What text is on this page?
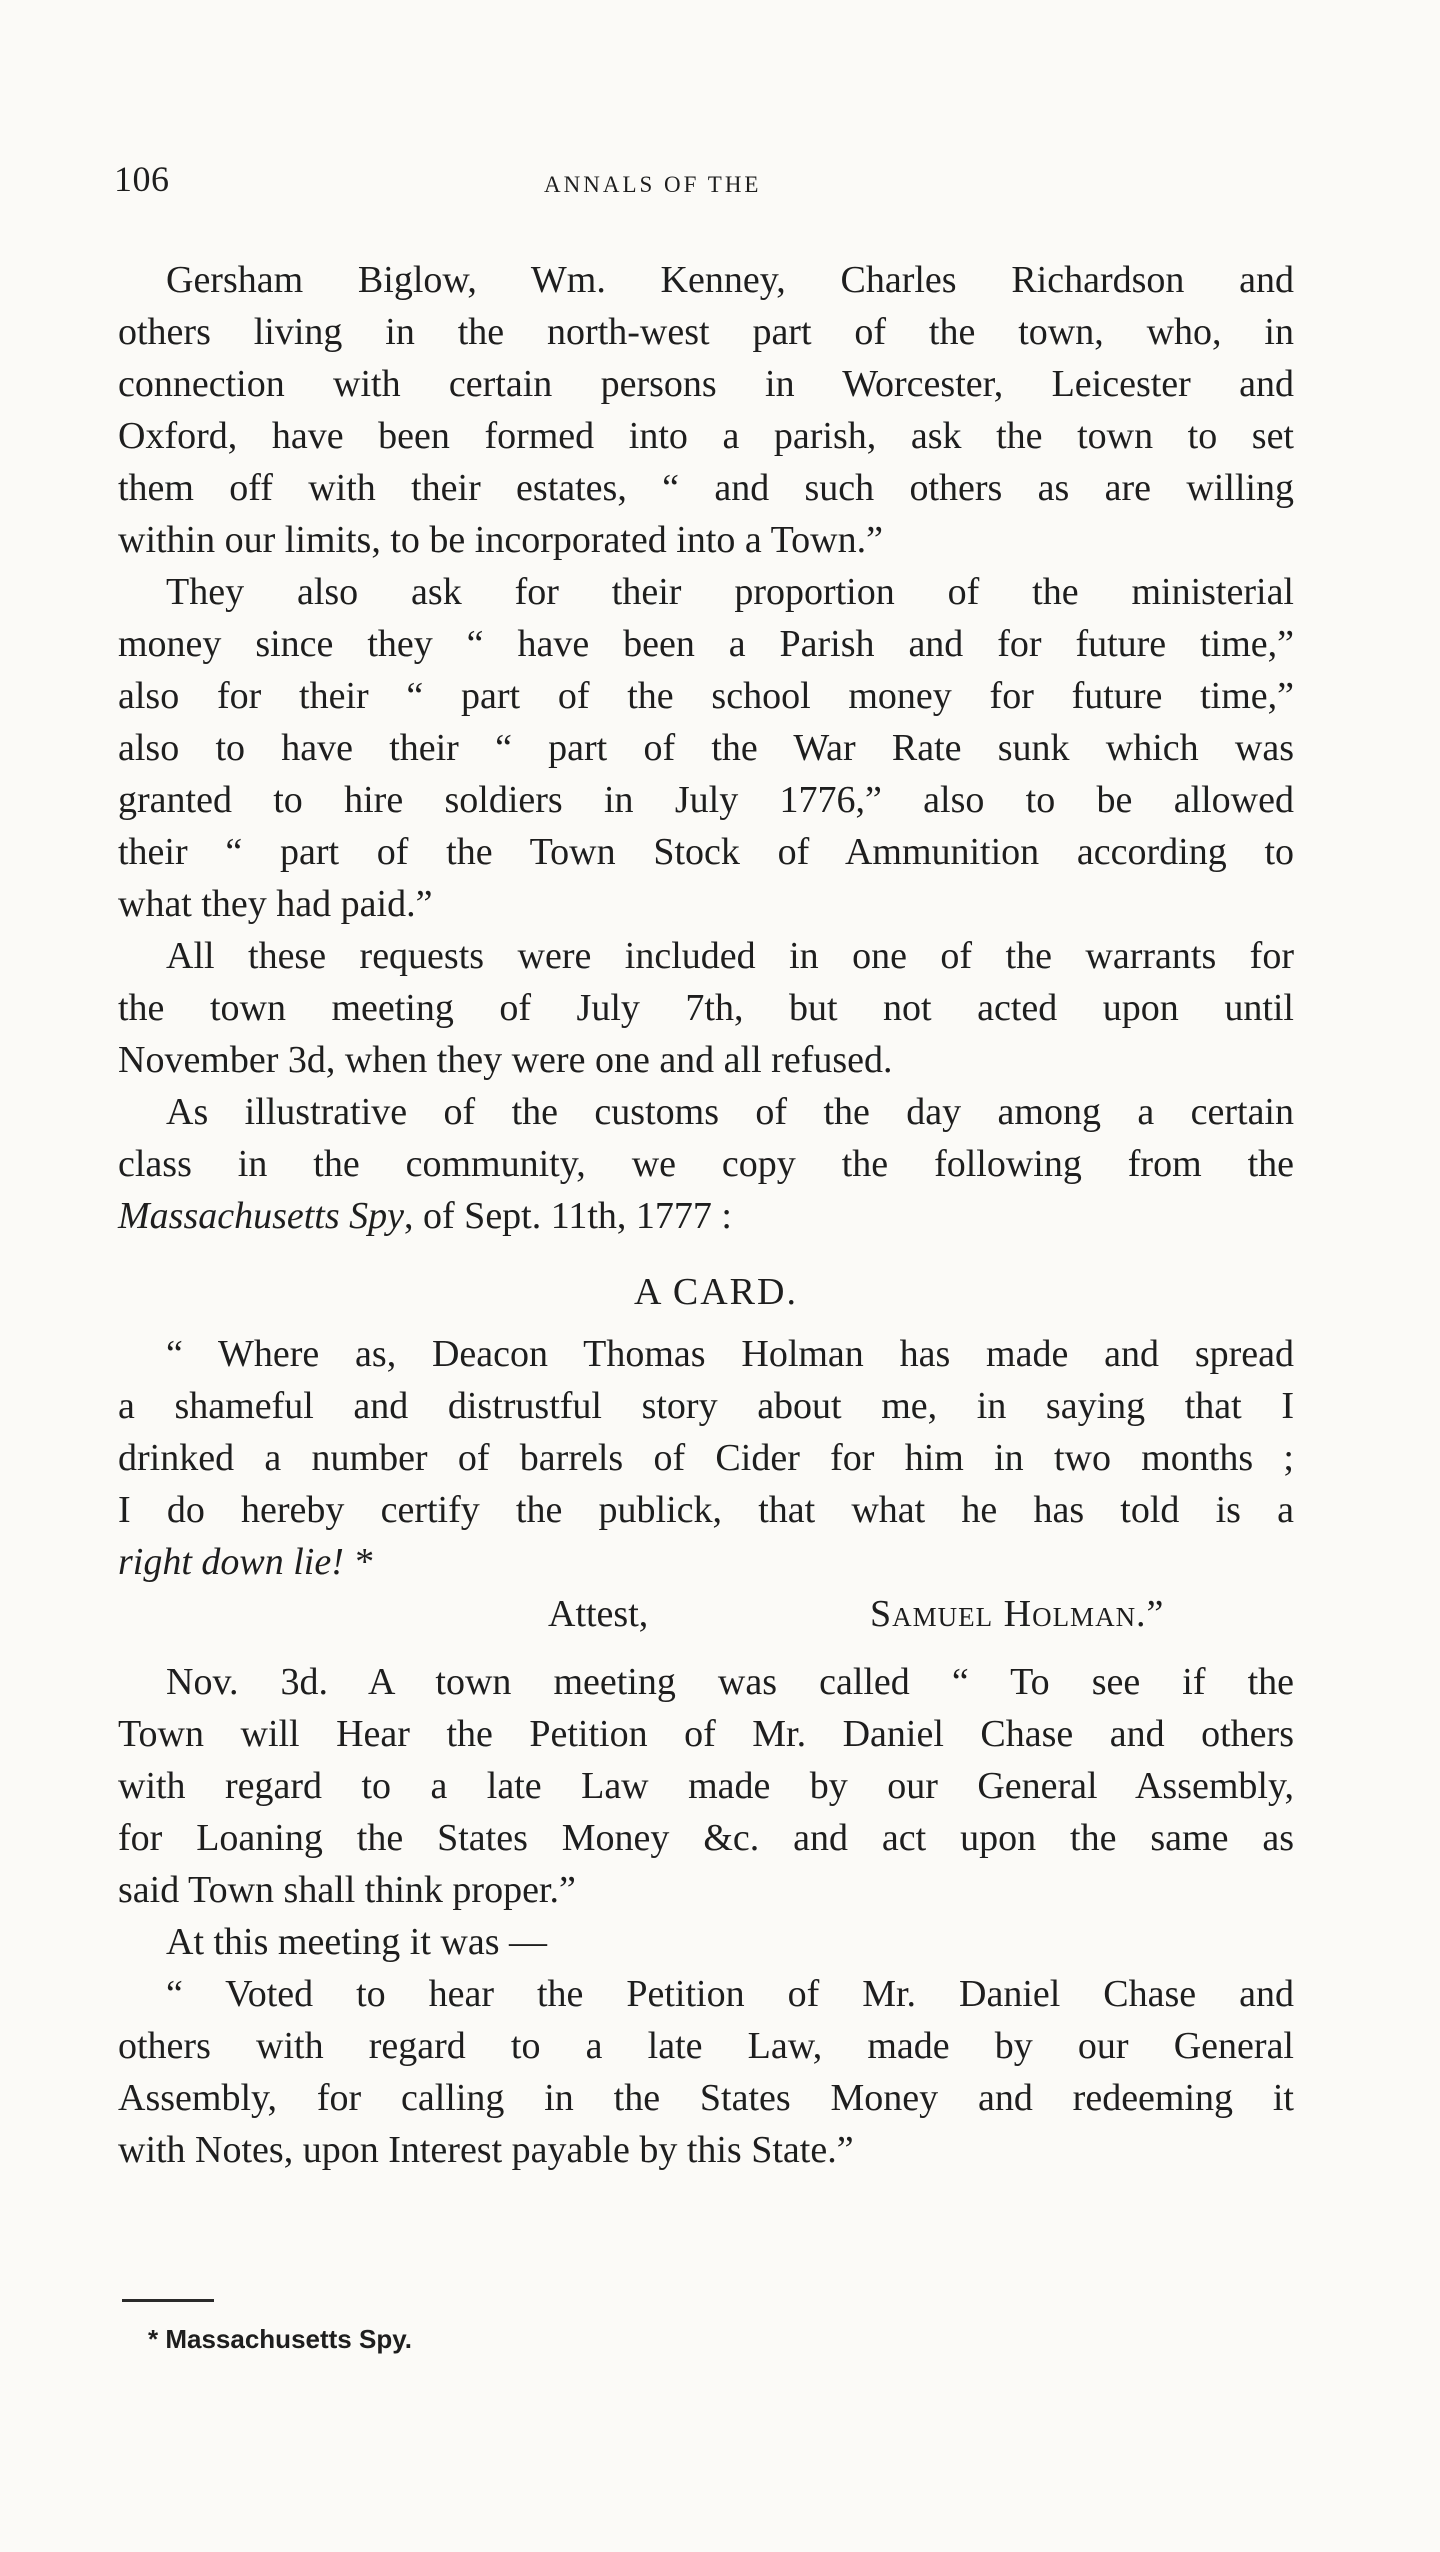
106	ANNALS OF THE
Gersham Biglow, Wm. Kenney, Charles Richardson and
others living in the north-west part of the town, who, in
connection with certain persons in Worcester, Leicester and
Oxford, have been formed into a parish, ask the town to set
them off with their estates, “ and such others as are willing
within our limits, to be incorporated into a Town.”
They also ask for their proportion of the ministerial
money since they “ have been a Parish and for future time,”
also for their “ part of the school money for future time,”
also to have their “ part of the War Rate sunk which was
granted to hire soldiers in July 1776,” also to be allowed
their “ part of the Town Stock of Ammunition according to
what they had paid.”
All these requests were included in one of the warrants for
the town meeting of July 7th, but not acted upon until
November 3d, when they were one and all refused.
As illustrative of the customs of the day among a certain
class in the community, we copy the following from the
Massachusetts Spy, of Sept. 11th, 1777 :
A CARD.
“ Where as, Deacon Thomas Holman has made and spread
a shameful and distrustful story about me, in saying that I
drinked a number of barrels of Cider for him in two months ;
I do hereby certify the publick, that what he has told is a
right down lie! *
Attest,	Samuel Holman.”
Nov. 3d. A town meeting was called “ To see if the
Town will Hear the Petition of Mr. Daniel Chase and others
with regard to a late Law made by our General Assembly,
for Loaning the States Money &c. and act upon the same as
said Town shall think proper.”
At this meeting it was —
“ Voted to hear the Petition of Mr. Daniel Chase and
others with regard to a late Law, made by our General
Assembly, for calling in the States Money and redeeming it
with Notes, upon Interest payable by this State.”
* Massachusetts Spy.
